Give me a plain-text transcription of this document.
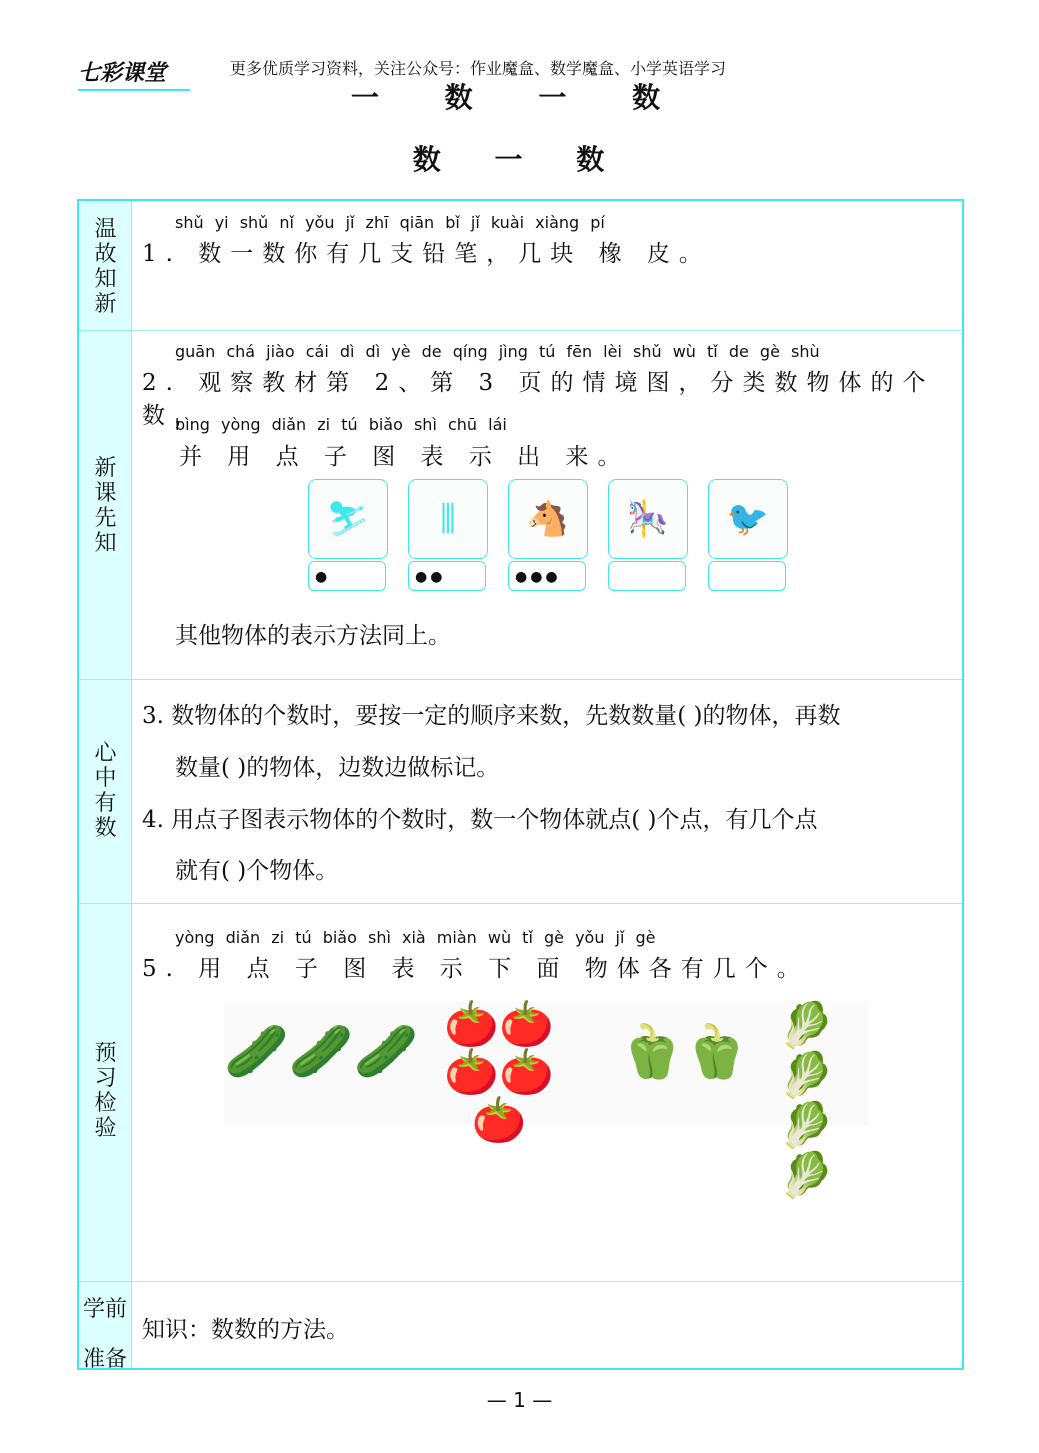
七彩课堂	更多优质学习资料，关注公众号：作业魔盒、数学魔盒、小学英语学习
一 数 一 数
数 一 数
温故知新
shǔ yi shǔ nǐ yǒu jǐ zhī qiān bǐ jǐ kuài xiàng pí
1. 数一数你有几支铅笔，几块 橡 皮。
新课先知
guān chá jiào cái dì dì yè de qíng jìng tú fēn lèi shǔ wù tǐ de gè shù
2. 观察教材第 2、第 3 页的情境图，分类数物体的个数，
bìng yòng diǎn zi tú biǎo shì chū lái
并 用 点 子 图 表 示 出 来。
⛷	⫼	🐴	🎠	🐦
●	●●	●●●
其他物体的表示方法同上。
心中有数
3. 数物体的个数时，要按一定的顺序来数，先数数量( )的物体，再数
数量( )的物体，边数边做标记。
4. 用点子图表示物体的个数时，数一个物体就点( )个点，有几个点
就有( )个物体。
预习检验
yòng diǎn zi tú biǎo shì xià miàn wù tǐ gè yǒu jǐ gè
5. 用 点 子 图 表 示 下 面 物体各有几个。
🥒🥒🥒 🍅🍅
🍅🍅🍅
🫑🫑 🥬🥬
🥬🥬
学前准备
知识：数数的方法。
— 1 —
